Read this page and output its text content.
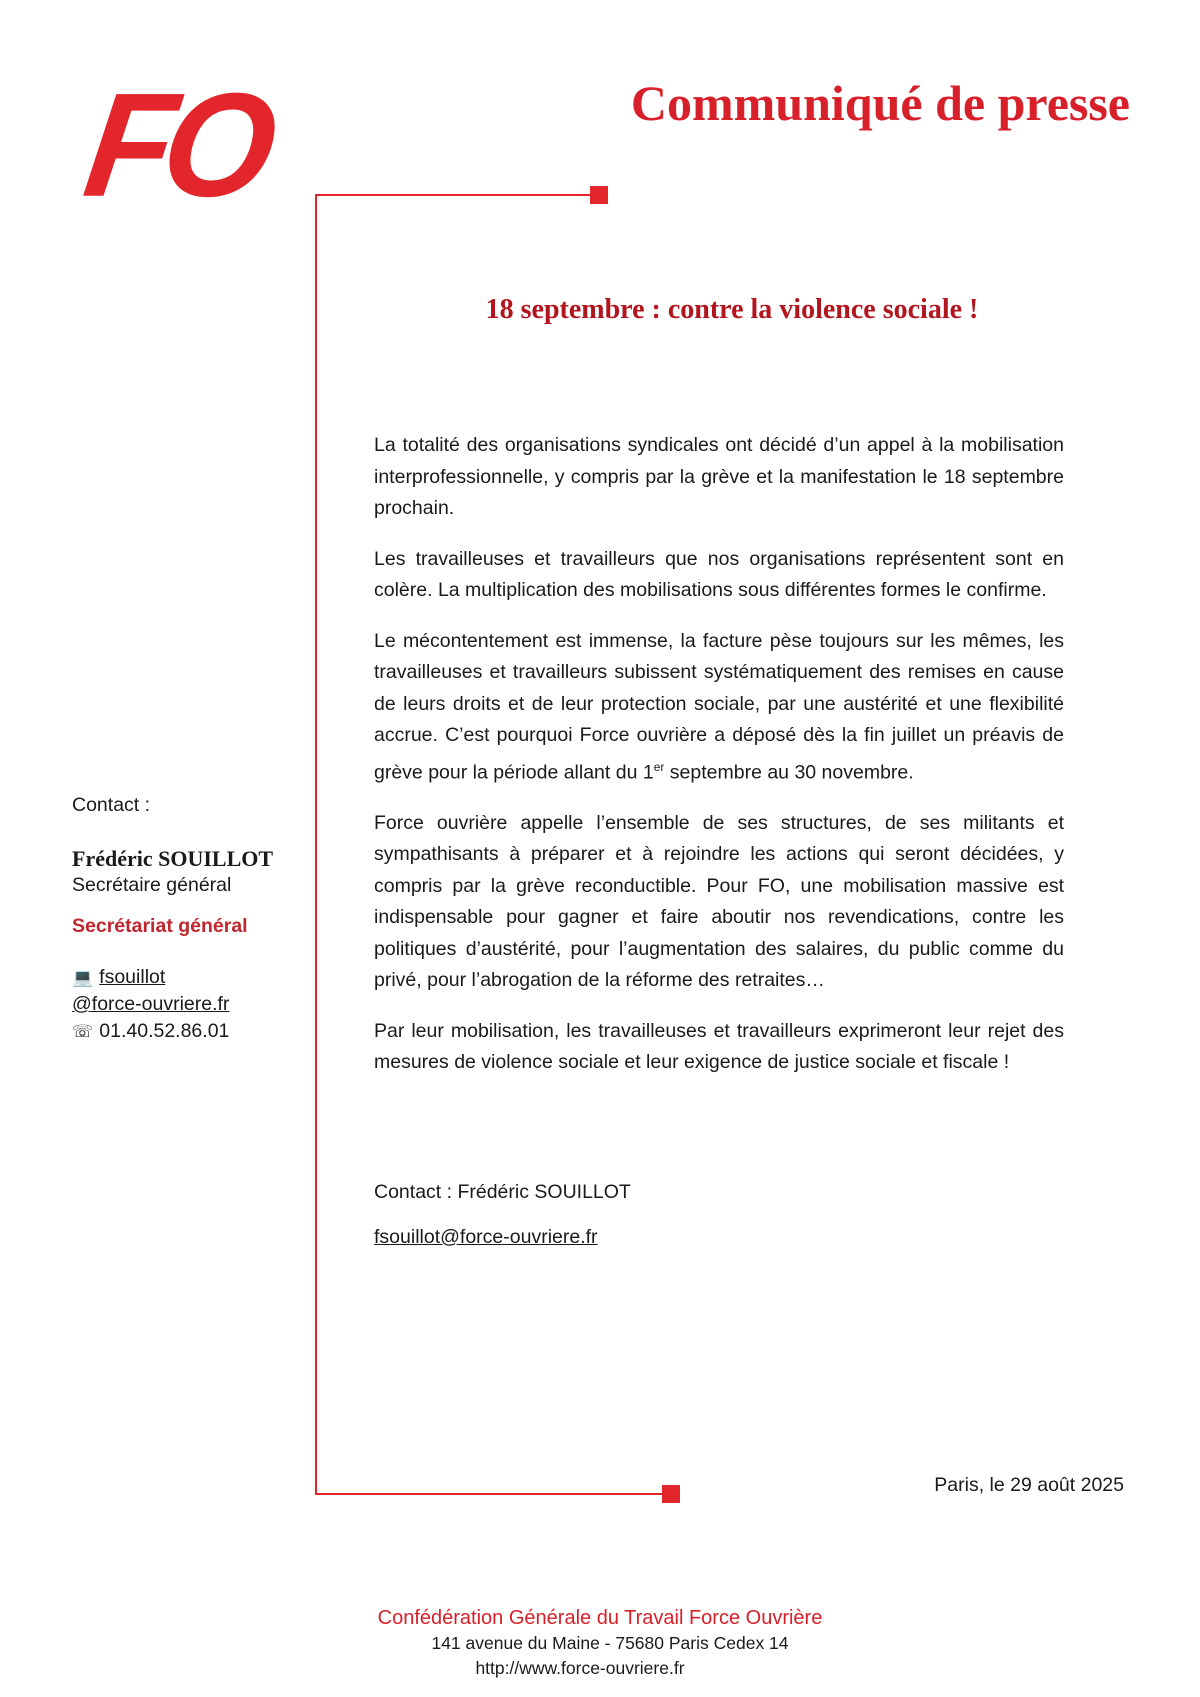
FO	Communiqué de presse
18 septembre : contre la violence sociale !

La totalité des organisations syndicales ont décidé d’un appel à la mobilisation interprofessionnelle, y compris par la grève et la manifestation le 18 septembre prochain.

Les travailleuses et travailleurs que nos organisations représentent sont en colère. La multiplication des mobilisations sous différentes formes le confirme.

Le mécontentement est immense, la facture pèse toujours sur les mêmes, les travailleuses et travailleurs subissent systématiquement des remises en cause de leurs droits et de leur protection sociale, par une austérité et une flexibilité accrue. C’est pourquoi Force ouvrière a déposé dès la fin juillet un préavis de grève pour la période allant du 1er septembre au 30 novembre.

Force ouvrière appelle l’ensemble de ses structures, de ses militants et sympathisants à préparer et à rejoindre les actions qui seront décidées, y compris par la grève reconductible. Pour FO, une mobilisation massive est indispensable pour gagner et faire aboutir nos revendications, contre les politiques d’austérité, pour l’augmentation des salaires, du public comme du privé, pour l’abrogation de la réforme des retraites…

Par leur mobilisation, les travailleuses et travailleurs exprimeront leur rejet des mesures de violence sociale et leur exigence de justice sociale et fiscale !

Contact : Frédéric SOUILLOT

fsouillot@force-ouvriere.fr

Contact :

Frédéric SOUILLOT

Secrétaire général

Secrétariat général

💻 fsouillot

@force-ouvriere.fr

☏ 01.40.52.86.01

Paris, le 29 août 2025
Confédération Générale du Travail Force Ouvrière
141 avenue du Maine - 75680 Paris Cedex 14
http://www.force-ouvriere.fr
